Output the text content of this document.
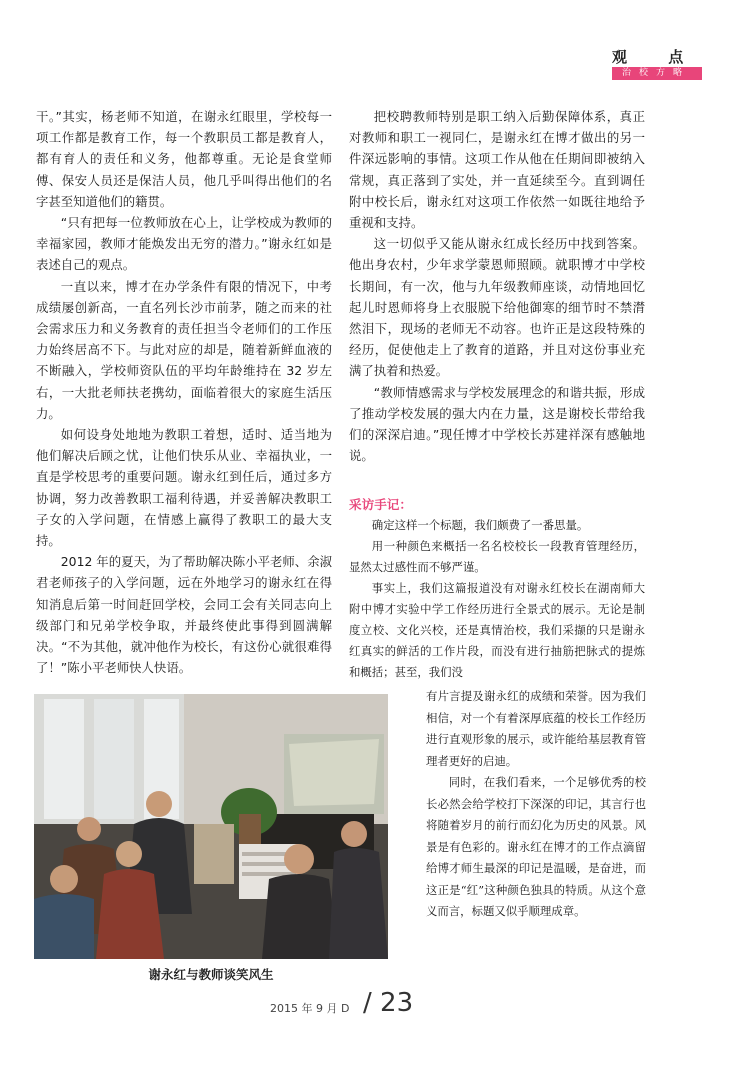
观 点
治校方略

干。”其实，杨老师不知道，在谢永红眼里，学校每一项工作都是教育工作，每一个教职员工都是教育人，都有育人的责任和义务，他都尊重。无论是食堂师傅、保安人员还是保洁人员，他几乎叫得出他们的名字甚至知道他们的籍贯。

“只有把每一位教师放在心上，让学校成为教师的幸福家园，教师才能焕发出无穷的潜力。”谢永红如是表述自己的观点。

一直以来，博才在办学条件有限的情况下，中考成绩屡创新高，一直名列长沙市前茅，随之而来的社会需求压力和义务教育的责任担当令老师们的工作压力始终居高不下。与此对应的却是，随着新鲜血液的不断融入，学校师资队伍的平均年龄维持在 32 岁左右，一大批老师扶老携幼，面临着很大的家庭生活压力。

如何设身处地地为教职工着想，适时、适当地为他们解决后顾之忧，让他们快乐从业、幸福执业，一直是学校思考的重要问题。谢永红到任后，通过多方协调，努力改善教职工福利待遇，并妥善解决教职工子女的入学问题，在情感上赢得了教职工的最大支持。

2012 年的夏天，为了帮助解决陈小平老师、余淑君老师孩子的入学问题，远在外地学习的谢永红在得知消息后第一时间赶回学校，会同工会有关同志向上级部门和兄弟学校争取，并最终使此事得到圆满解决。“不为其他，就冲他作为校长，有这份心就很难得了！”陈小平老师快人快语。

把校聘教师特别是职工纳入后勤保障体系，真正对教师和职工一视同仁，是谢永红在博才做出的另一件深远影响的事情。这项工作从他在任期间即被纳入常规，真正落到了实处，并一直延续至今。直到调任附中校长后，谢永红对这项工作依然一如既往地给予重视和支持。

这一切似乎又能从谢永红成长经历中找到答案。他出身农村，少年求学蒙恩师照顾。就职博才中学校长期间，有一次，他与九年级教师座谈，动情地回忆起儿时恩师将身上衣服脱下给他御寒的细节时不禁潸然泪下，现场的老师无不动容。也许正是这段特殊的经历，促使他走上了教育的道路，并且对这份事业充满了执着和热爱。

“教师情感需求与学校发展理念的和谐共振，形成了推动学校发展的强大内在力量，这是谢校长带给我们的深深启迪。”现任博才中学校长苏建祥深有感触地说。

采访手记：

确定这样一个标题，我们颇费了一番思量。

用一种颜色来概括一名名校校长一段教育管理经历，显然太过感性而不够严谨。

事实上，我们这篇报道没有对谢永红校长在湖南师大附中博才实验中学工作经历进行全景式的展示。无论是制度立校、文化兴校，还是真情治校，我们采撷的只是谢永红真实的鲜活的工作片段，而没有进行抽筋把脉式的提炼和概括；甚至，我们没

有片言提及谢永红的成绩和荣誉。因为我们相信，对一个有着深厚底蕴的校长工作经历进行直观形象的展示，或许能给基层教育管理者更好的启迪。

同时，在我们看来，一个足够优秀的校长必然会给学校打下深深的印记，其言行也将随着岁月的前行而幻化为历史的风景。风景是有色彩的。谢永红在博才的工作点滴留给博才师生最深的印记是温暖，是奋进，而这正是“红”这种颜色独具的特质。从这个意义而言，标题又似乎顺理成章。

谢永红与教师谈笑风生
2015 年 9 月 D / 23
